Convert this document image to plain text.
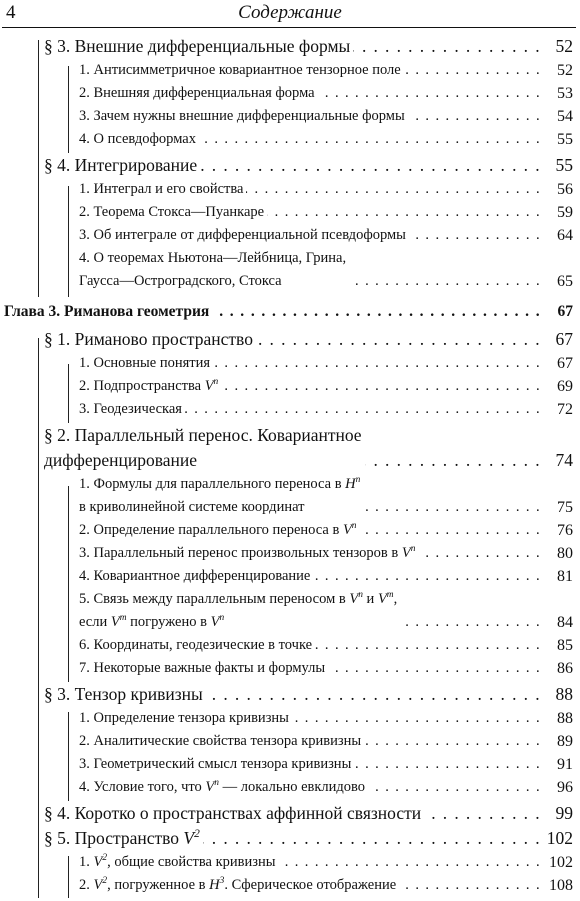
4	Содержание
§ 3. Внешние дифференциальные формы . . .	52
1. Антисимметричное ковариантное тензорное поле . . .	52
2. Внешняя дифференциальная форма . . .	53
3. Зачем нужны внешние дифференциальные формы . . .	54
4. О псевдоформах . . .	55
§ 4. Интегрирование . . .	55
1. Интеграл и его свойства . . .	56
2. Теорема Стокса—Пуанкаре . . .	59
3. Об интеграле от дифференциальной псевдоформы . . .	64
4. О теоремах Ньютона—Лейбница, Грина,
Гаусса—Остроградского, Стокса . . .	65
Глава 3. Риманова геометрия . . .	67
§ 1. Риманово пространство . . .	67
1. Основные понятия . . .	67
2. Подпространства $V^n$ . . .	69
3. Геодезическая . . .	72
§ 2. Параллельный перенос. Ковариантное
дифференцирование . . .	74
1. Формулы для параллельного переноса в $H^n$
в криволинейной системе координат . . .	75
2. Определение параллельного переноса в $V^n$ . . .	76
3. Параллельный перенос произвольных тензоров в $V^n$ . . .	80
4. Ковариантное дифференцирование . . .	81
5. Связь между параллельным переносом в $V^n$ и $V^m$,
если $V^m$ погружено в $V^n$ . . .	84
6. Координаты, геодезические в точке . . .	85
7. Некоторые важные факты и формулы . . .	86
§ 3. Тензор кривизны . . .	88
1. Определение тензора кривизны . . .	88
2. Аналитические свойства тензора кривизны . . .	89
3. Геометрический смысл тензора кривизны . . .	91
4. Условие того, что $V^n$ — локально евклидово . . .	96
§ 4. Коротко о пространствах аффинной связности . . .	99
§ 5. Пространство $V^2$ . . .	102
1. $V^2$, общие свойства кривизны . . .	102
2. $V^2$, погруженное в $H^3$. Сферическое отображение . . .	108
